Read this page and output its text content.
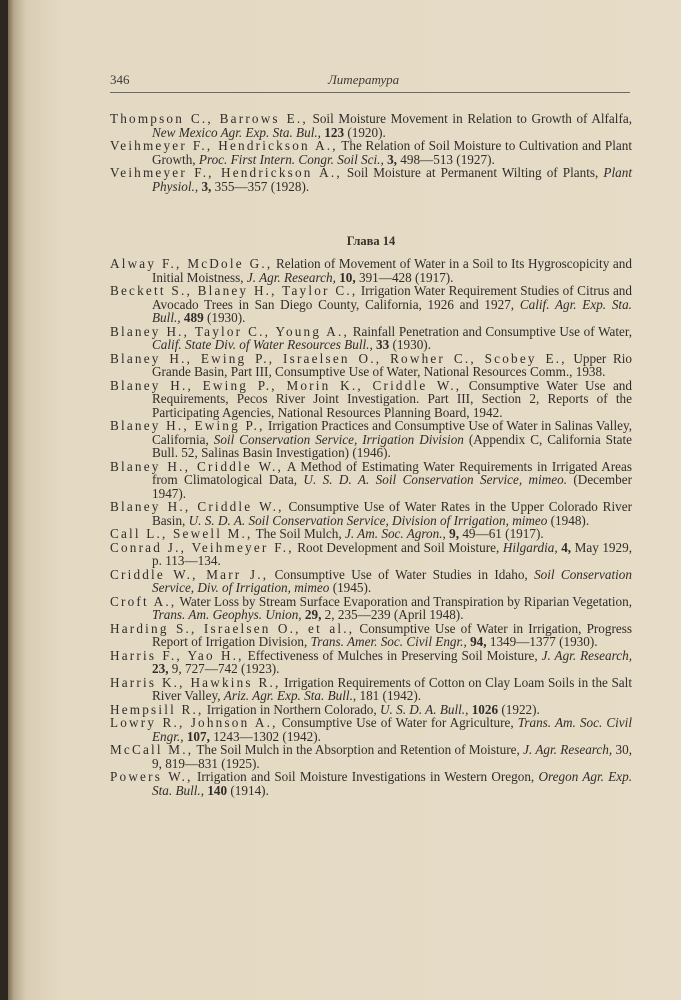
346	Литература
Thompson C., Barrows E., Soil Moisture Movement in Relation to Growth of Alfalfa, New Mexico Agr. Exp. Sta. Bul., 123 (1920).
Veihmeyer F., Hendrickson A., The Relation of Soil Moisture to Cultivation and Plant Growth, Proc. First Intern. Congr. Soil Sci., 3, 498—513 (1927).
Veihmeyer F., Hendrickson A., Soil Moisture at Permanent Wilting of Plants, Plant Physiol., 3, 355—357 (1928).
Глава 14
Alway F., McDole G., Relation of Movement of Water in a Soil to Its Hygroscopicity and Initial Moistness, J. Agr. Research, 10, 391—428 (1917).
Beckett S., Blaney H., Taylor C., Irrigation Water Requirement Studies of Citrus and Avocado Trees in San Diego County, California, 1926 and 1927, Calif. Agr. Exp. Sta. Bull., 489 (1930).
Blaney H., Taylor C., Young A., Rainfall Penetration and Consumptive Use of Water, Calif. State Div. of Water Resources Bull., 33 (1930).
Blaney H., Ewing P., Israelsen O., Rowher C., Scobey E., Upper Rio Grande Basin, Part III, Consumptive Use of Water, National Resources Comm., 1938.
Blaney H., Ewing P., Morin K., Criddle W., Consumptive Water Use and Requirements, Pecos River Joint Investigation. Part III, Section 2, Reports of the Participating Agencies, National Resources Planning Board, 1942.
Blaney H., Ewing P., Irrigation Practices and Consumptive Use of Water in Salinas Valley, California, Soil Conservation Service, Irrigation Division (Appendix C, California State Bull. 52, Salinas Basin Investigation) (1946).
Blaney H., Criddle W., A Method of Estimating Water Requirements in Irrigated Areas from Climatological Data, U. S. D. A. Soil Conservation Service, mimeo. (December 1947).
Blaney H., Criddle W., Consumptive Use of Water Rates in the Upper Colorado River Basin, U. S. D. A. Soil Conservation Service, Division of Irrigation, mimeo (1948).
Call L., Sewell M., The Soil Mulch, J. Am. Soc. Agron., 9, 49—61 (1917).
Conrad J., Veihmeyer F., Root Development and Soil Moisture, Hilgardia, 4, May 1929, p. 113—134.
Criddle W., Marr J., Consumptive Use of Water Studies in Idaho, Soil Conservation Service, Div. of Irrigation, mimeo (1945).
Croft A., Water Loss by Stream Surface Evaporation and Transpiration by Riparian Vegetation, Trans. Am. Geophys. Union, 29, 2, 235—239 (April 1948).
Harding S., Israelsen O., et al., Consumptive Use of Water in Irrigation, Progress Report of Irrigation Division, Trans. Amer. Soc. Civil Engr., 94, 1349—1377 (1930).
Harris F., Yao H., Effectiveness of Mulches in Preserving Soil Moisture, J. Agr. Research, 23, 9, 727—742 (1923).
Harris K., Hawkins R., Irrigation Requirements of Cotton on Clay Loam Soils in the Salt River Valley, Ariz. Agr. Exp. Sta. Bull., 181 (1942).
Hempsill R., Irrigation in Northern Colorado, U. S. D. A. Bull., 1026 (1922).
Lowry R., Johnson A., Consumptive Use of Water for Agriculture, Trans. Am. Soc. Civil Engr., 107, 1243—1302 (1942).
McCall M., The Soil Mulch in the Absorption and Retention of Moisture, J. Agr. Research, 30, 9, 819—831 (1925).
Powers W., Irrigation and Soil Moisture Investigations in Western Oregon, Oregon Agr. Exp. Sta. Bull., 140 (1914).
